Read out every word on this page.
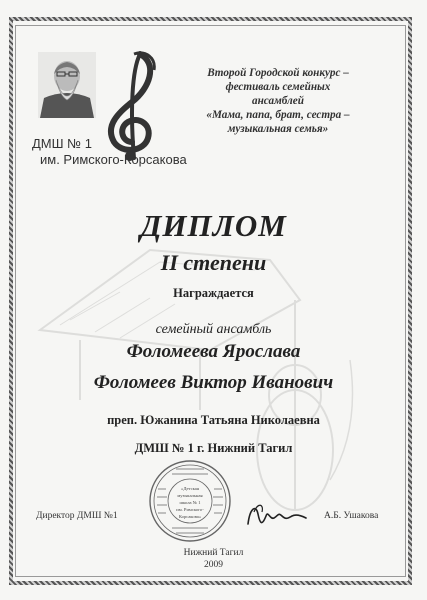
ДМШ № 1
им. Римского-Корсакова
Второй Городской конкурс –
фестиваль семейных
ансамблей
«Мама, папа, брат, сестра –
музыкальная семья»
ДИПЛОМ
II степени
Награждается
семейный ансамбль
Фоломеева Ярослава
Фоломеев Виктор Иванович
преп. Южанина Татьяна Николаевна
ДМШ № 1 г. Нижний Тагил
«Детская
музыкальная
школа № 1
им. Римского-
Корсакова»
Директор ДМШ №1	А.Б. Ушакова
Нижний Тагил
2009
